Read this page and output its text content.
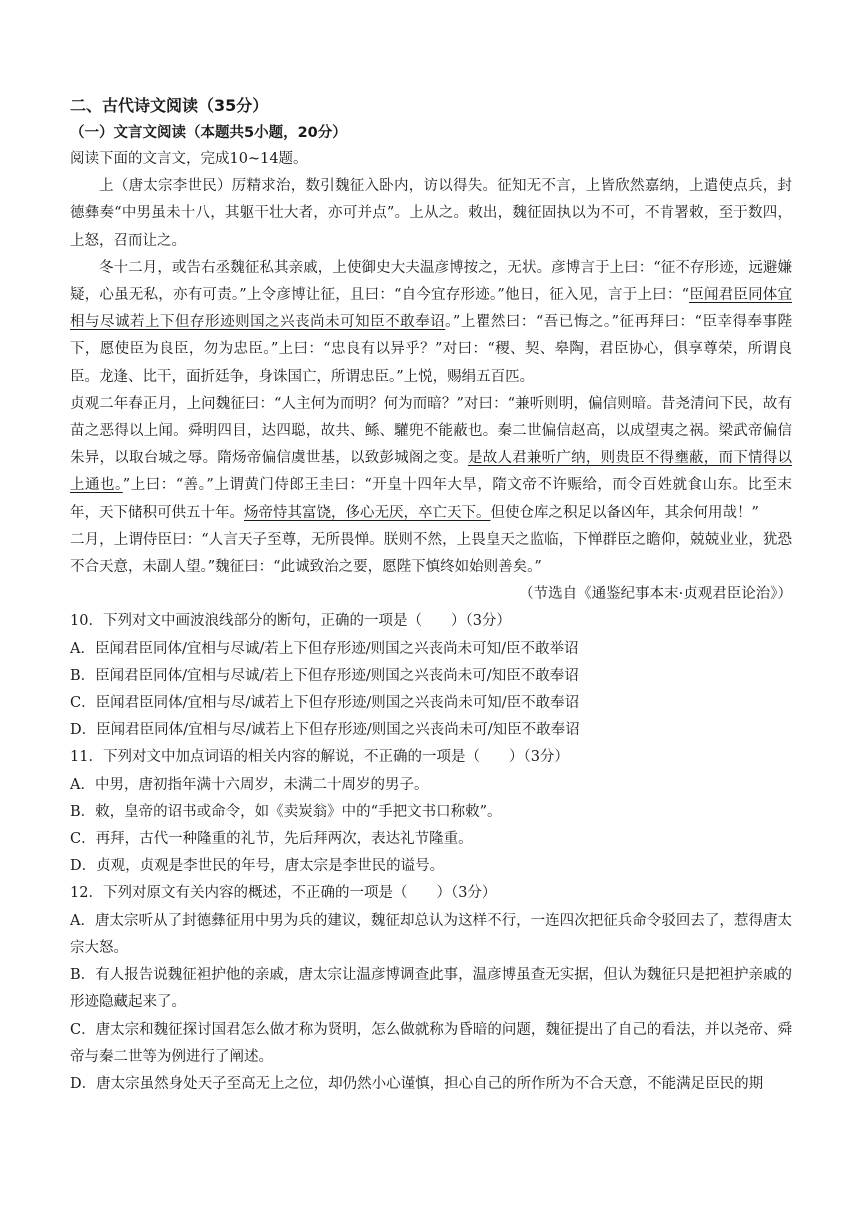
二、古代诗文阅读（35分）

（一）文言文阅读（本题共5小题，20分）

阅读下面的文言文，完成10~14题。

上（唐太宗李世民）厉精求治，数引魏征入卧内，访以得失。征知无不言，上皆欣然嘉纳，上遣使点兵，封德彝奏“中男虽未十八，其躯干壮大者，亦可并点”。上从之。敕出，魏征固执以为不可，不肯署敕，至于数四，上怒，召而让之。

冬十二月，或告右丞魏征私其亲戚，上使御史大夫温彦博按之，无状。彦博言于上曰：“征不存形迹，远避嫌疑，心虽无私，亦有可责。”上令彦博让征，且曰：“自今宜存形迹。”他日，征入见，言于上曰：“臣闻君臣同体宜相与尽诚若上下但存形迹则国之兴丧尚未可知臣不敢奉诏。”上瞿然曰：“吾已悔之。”征再拜曰：“臣幸得奉事陛下，愿使臣为良臣，勿为忠臣。”上曰：“忠良有以异乎？”对曰：“稷、契、皋陶，君臣协心，俱享尊荣，所谓良臣。龙逢、比干，面折廷争，身诛国亡，所谓忠臣。”上悦，赐绢五百匹。

贞观二年春正月，上问魏征曰：“人主何为而明？何为而暗？”对曰：“兼听则明，偏信则暗。昔尧清问下民，故有苗之恶得以上闻。舜明四目，达四聪，故共、鲧、驩兜不能蔽也。秦二世偏信赵高，以成望夷之祸。梁武帝偏信朱异，以取台城之辱。隋炀帝偏信虞世基，以致彭城阁之变。是故人君兼听广纳，则贵臣不得壅蔽，而下情得以上通也。”上曰：“善。”上谓黄门侍郎王圭曰：“开皇十四年大旱，隋文帝不许赈给，而令百姓就食山东。比至末年，天下储积可供五十年。炀帝恃其富饶，侈心无厌，卒亡天下。但使仓库之积足以备凶年，其余何用哉！”

二月，上谓侍臣曰：“人言天子至尊，无所畏惮。朕则不然，上畏皇天之监临，下惮群臣之瞻仰，兢兢业业，犹恐不合天意，未副人望。”魏征曰：“此诚致治之要，愿陛下慎终如始则善矣。”

（节选自《通鉴纪事本末·贞观君臣论治》）

10．下列对文中画波浪线部分的断句，正确的一项是（　　）（3分）

A．臣闻君臣同体/宜相与尽诚/若上下但存形迹/则国之兴丧尚未可知/臣不敢举诏

B．臣闻君臣同体/宜相与尽诚/若上下但存形迹/则国之兴丧尚未可/知臣不敢奉诏

C．臣闻君臣同体/宜相与尽/诚若上下但存形迹/则国之兴丧尚未可知/臣不敢奉诏

D．臣闻君臣同体/宜相与尽/诚若上下但存形迹/则国之兴丧尚未可/知臣不敢奉诏

11．下列对文中加点词语的相关内容的解说，不正确的一项是（　　）（3分）

A．中男，唐初指年满十六周岁，未满二十周岁的男子。

B．敕，皇帝的诏书或命令，如《卖炭翁》中的“手把文书口称敕”。

C．再拜，古代一种隆重的礼节，先后拜两次，表达礼节隆重。

D．贞观，贞观是李世民的年号，唐太宗是李世民的谥号。

12．下列对原文有关内容的概述，不正确的一项是（　　）（3分）

A．唐太宗听从了封德彝征用中男为兵的建议，魏征却总认为这样不行，一连四次把征兵命令驳回去了，惹得唐太宗大怒。

B．有人报告说魏征袒护他的亲戚，唐太宗让温彦博调查此事，温彦博虽查无实据，但认为魏征只是把袒护亲戚的形迹隐藏起来了。

C．唐太宗和魏征探讨国君怎么做才称为贤明，怎么做就称为昏暗的问题，魏征提出了自己的看法，并以尧帝、舜帝与秦二世等为例进行了阐述。

D．唐太宗虽然身处天子至高无上之位，却仍然小心谨慎，担心自己的所作所为不合天意，不能满足臣民的期
